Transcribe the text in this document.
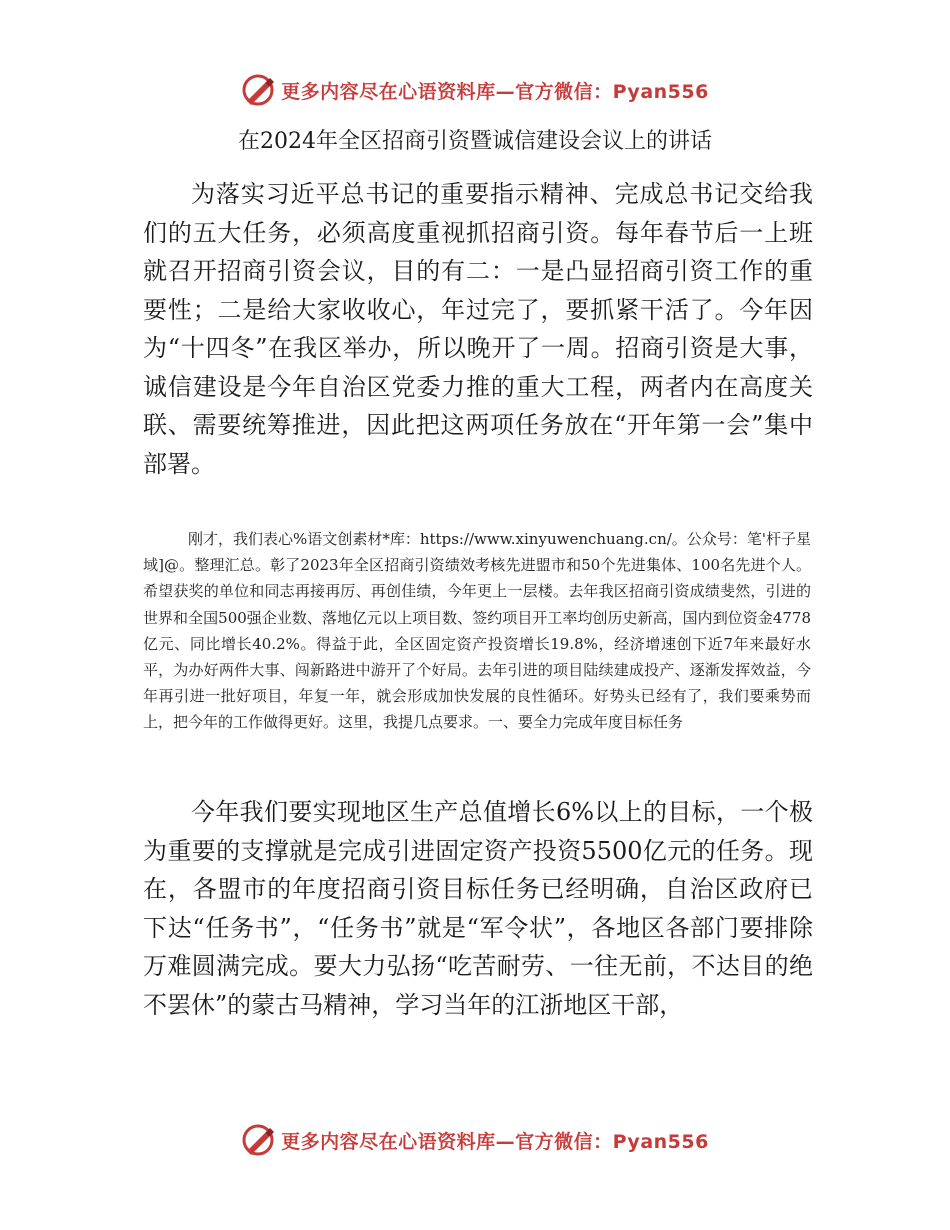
更多内容尽在心语资料库—官方微信：Pyan556
在2024年全区招商引资暨诚信建设会议上的讲话

为落实习近平总书记的重要指示精神、完成总书记交给我们的五大任务，必须高度重视抓招商引资。每年春节后一上班就召开招商引资会议，目的有二：一是凸显招商引资工作的重要性；二是给大家收收心，年过完了，要抓紧干活了。今年因为“十四冬”在我区举办，所以晚开了一周。招商引资是大事，诚信建设是今年自治区党委力推的重大工程，两者内在高度关联、需要统筹推进，因此把这两项任务放在“开年第一会”集中部署。

刚才，我们表心%语文创素材*库：https://www.xinyuwenchuang.cn/。公众号：笔'杆子星域]@。整理汇总。彰了2023年全区招商引资绩效考核先进盟市和50个先进集体、100名先进个人。希望获奖的单位和同志再接再厉、再创佳绩，今年更上一层楼。去年我区招商引资成绩斐然，引进的世界和全国500强企业数、落地亿元以上项目数、签约项目开工率均创历史新高，国内到位资金4778亿元、同比增长40.2%。得益于此，全区固定资产投资增长19.8%，经济增速创下近7年来最好水平，为办好两件大事、闯新路进中游开了个好局。去年引进的项目陆续建成投产、逐渐发挥效益，今年再引进一批好项目，年复一年，就会形成加快发展的良性循环。好势头已经有了，我们要乘势而上，把今年的工作做得更好。这里，我提几点要求。一、要全力完成年度目标任务

今年我们要实现地区生产总值增长6%以上的目标，一个极为重要的支撑就是完成引进固定资产投资5500亿元的任务。现在，各盟市的年度招商引资目标任务已经明确，自治区政府已下达“任务书”，“任务书”就是“军令状”，各地区各部门要排除万难圆满完成。要大力弘扬“吃苦耐劳、一往无前，不达目的绝不罢休”的蒙古马精神，学习当年的江浙地区干部，

更多内容尽在心语资料库—官方微信：Pyan556
